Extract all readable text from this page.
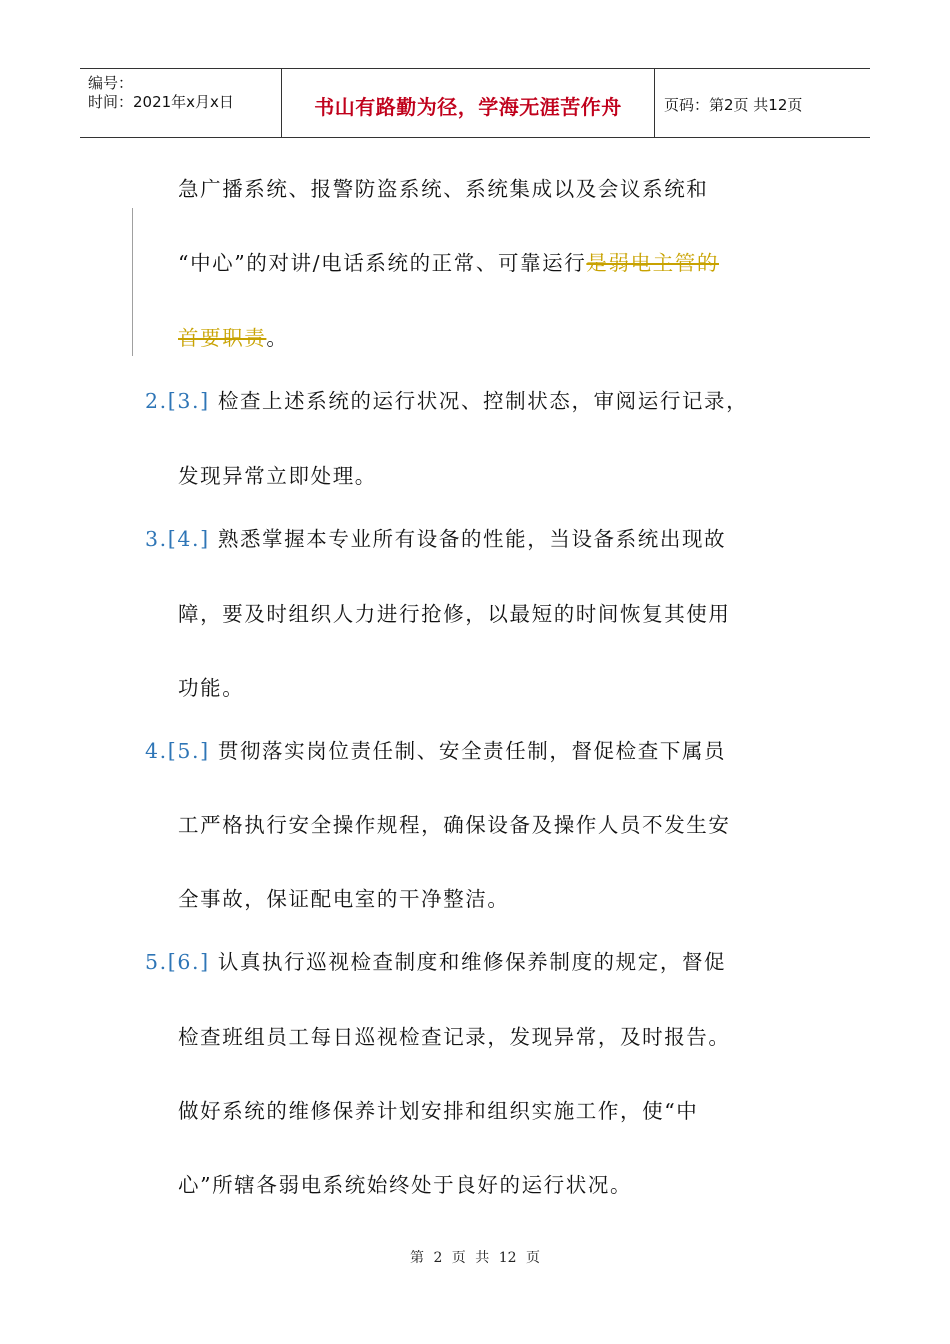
编号：
时间：2021年x月x日	书山有路勤为径，学海无涯苦作舟	页码：第2页 共12页
急广播系统、报警防盗系统、系统集成以及会议系统和
“中心”的对讲/电话系统的正常、可靠运行是弱电主管的
首要职责。
2.[3.] 检查上述系统的运行状况、控制状态，审阅运行记录，
发现异常立即处理。
3.[4.] 熟悉掌握本专业所有设备的性能，当设备系统出现故
障，要及时组织人力进行抢修，以最短的时间恢复其使用
功能。
4.[5.] 贯彻落实岗位责任制、安全责任制，督促检查下属员
工严格执行安全操作规程，确保设备及操作人员不发生安
全事故，保证配电室的干净整洁。
5.[6.] 认真执行巡视检查制度和维修保养制度的规定，督促
检查班组员工每日巡视检查记录，发现异常，及时报告。
做好系统的维修保养计划安排和组织实施工作，使“中
心”所辖各弱电系统始终处于良好的运行状况。
第 2 页 共 12 页
